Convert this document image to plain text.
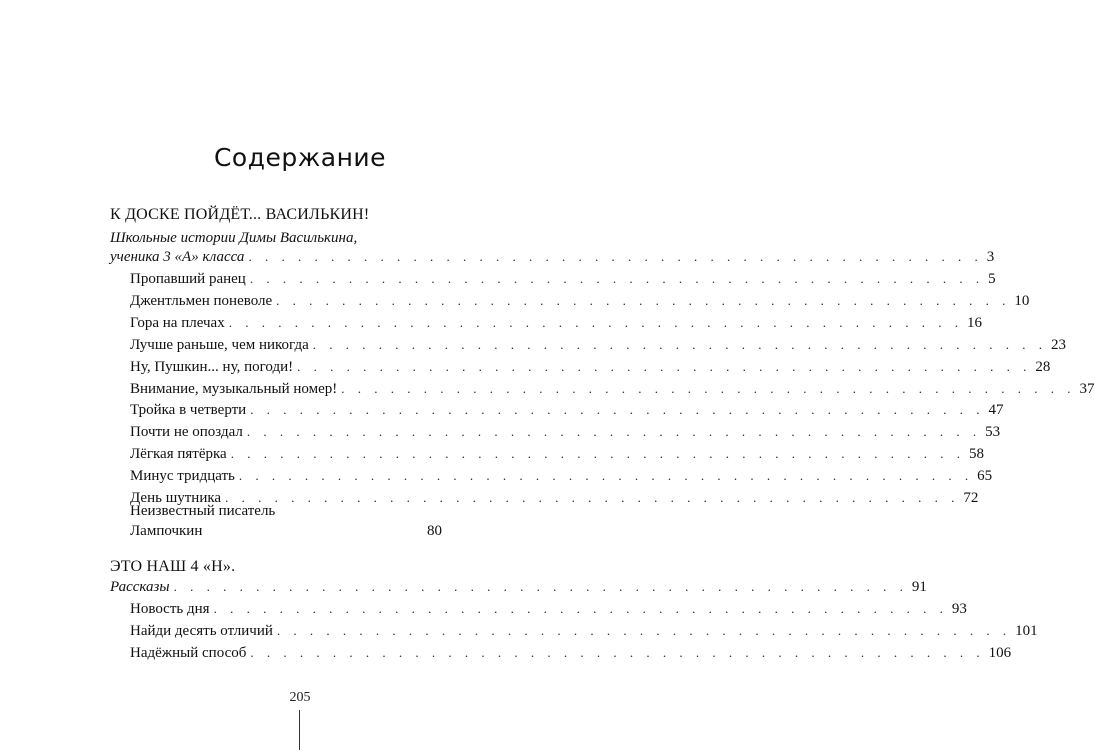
Содержание
К ДОСКЕ ПОЙДЁТ... ВАСИЛЬКИН!
Школьные истории Димы Василькина,
ученика 3 «А» класса . . . . . . . . . . . . . . . . . . . . . . . . . . . . . . . . . . . . . . . . . . . . . 3
Пропавший ранец . . . . . . . . . . . . . . . . . . . . . . . . . . . . . . . . . . . . . . . . . . . . . 5
Джентльмен поневоле . . . . . . . . . . . . . . . . . . . . . . . . . . . . . . . . . . . . . . . . . . . . . 10
Гора на плечах . . . . . . . . . . . . . . . . . . . . . . . . . . . . . . . . . . . . . . . . . . . . . 16
Лучше раньше, чем никогда . . . . . . . . . . . . . . . . . . . . . . . . . . . . . . . . . . . . . . . . . . . . . 23
Ну, Пушкин... ну, погоди! . . . . . . . . . . . . . . . . . . . . . . . . . . . . . . . . . . . . . . . . . . . . . 28
Внимание, музыкальный номер! . . . . . . . . . . . . . . . . . . . . . . . . . . . . . . . . . . . . . . . . . . . . . 37
Тройка в четверти . . . . . . . . . . . . . . . . . . . . . . . . . . . . . . . . . . . . . . . . . . . . . 47
Почти не опоздал . . . . . . . . . . . . . . . . . . . . . . . . . . . . . . . . . . . . . . . . . . . . . 53
Лёгкая пятёрка . . . . . . . . . . . . . . . . . . . . . . . . . . . . . . . . . . . . . . . . . . . . . 58
Минус тридцать . . . . . . . . . . . . . . . . . . . . . . . . . . . . . . . . . . . . . . . . . . . . . 65
День шутника . . . . . . . . . . . . . . . . . . . . . . . . . . . . . . . . . . . . . . . . . . . . . 72
Неизвестный писатель
Лампочкин	80
ЭТО НАШ 4 «Н».
Рассказы . . . . . . . . . . . . . . . . . . . . . . . . . . . . . . . . . . . . . . . . . . . . . 91
Новость дня . . . . . . . . . . . . . . . . . . . . . . . . . . . . . . . . . . . . . . . . . . . . . 93
Найди десять отличий . . . . . . . . . . . . . . . . . . . . . . . . . . . . . . . . . . . . . . . . . . . . . 101
Надёжный способ . . . . . . . . . . . . . . . . . . . . . . . . . . . . . . . . . . . . . . . . . . . . . 106
205
